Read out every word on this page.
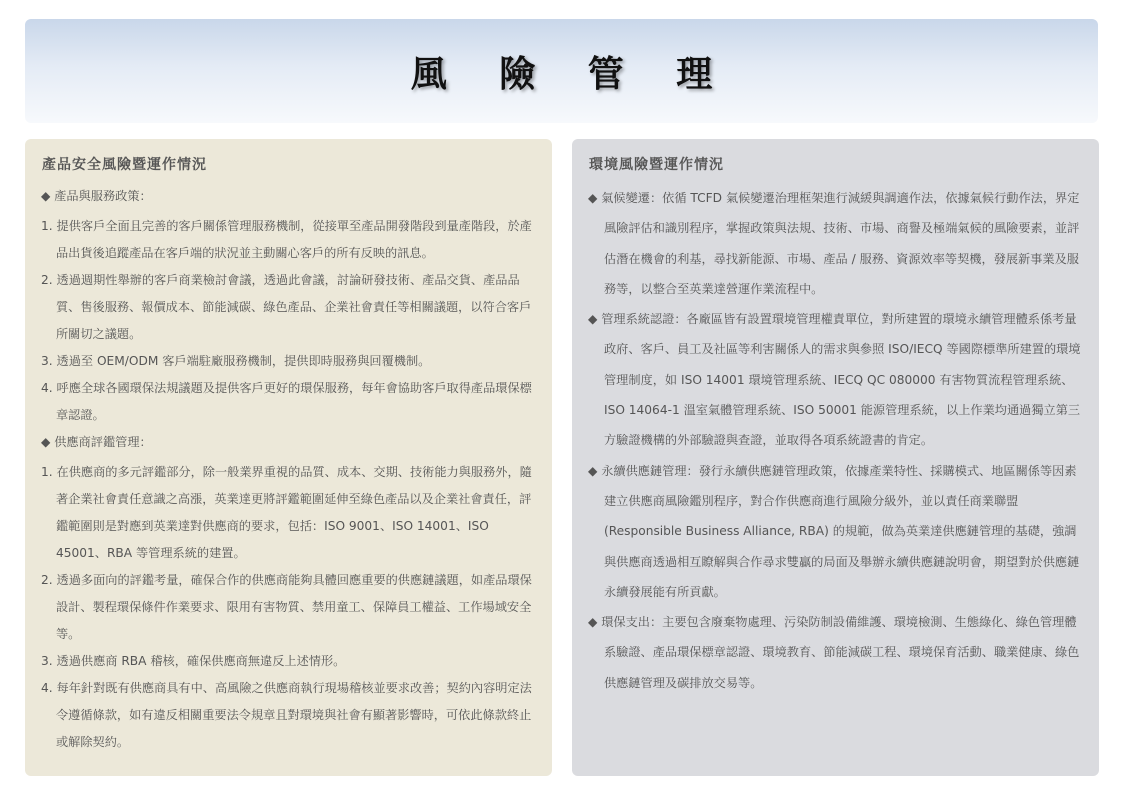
風 險 管 理
產品安全風險暨運作情況
◆ 產品與服務政策：
1. 提供客戶全面且完善的客戶關係管理服務機制，從接單至產品開發階段到量產階段，於產品出貨後追蹤產品在客戶端的狀況並主動關心客戶的所有反映的訊息。
2. 透過週期性舉辦的客戶商業檢討會議，透過此會議，討論研發技術、產品交貨、產品品質、售後服務、報價成本、節能減碳、綠色產品、企業社會責任等相關議題，以符合客戶所關切之議題。
3. 透過至 OEM/ODM 客戶端駐廠服務機制，提供即時服務與回覆機制。
4. 呼應全球各國環保法規議題及提供客戶更好的環保服務，每年會協助客戶取得產品環保標章認證。
◆ 供應商評鑑管理：
1. 在供應商的多元評鑑部分，除一般業界重視的品質、成本、交期、技術能力與服務外，隨著企業社會責任意識之高漲，英業達更將評鑑範圍延伸至綠色產品以及企業社會責任，評鑑範圍則是對應到英業達對供應商的要求，包括：ISO 9001、ISO 14001、ISO 45001、RBA 等管理系統的建置。
2. 透過多面向的評鑑考量，確保合作的供應商能夠具體回應重要的供應鏈議題，如產品環保設計、製程環保條件作業要求、限用有害物質、禁用童工、保障員工權益、工作場域安全等。
3. 透過供應商 RBA 稽核，確保供應商無違反上述情形。
4. 每年針對既有供應商具有中、高風險之供應商執行現場稽核並要求改善；契約內容明定法令遵循條款，如有違反相關重要法令規章且對環境與社會有顯著影響時，可依此條款終止或解除契約。
環境風險暨運作情況
◆ 氣候變遷：依循 TCFD 氣候變遷治理框架進行減緩與調適作法，依據氣候行動作法，界定風險評估和識別程序，掌握政策與法規、技術、市場、商譽及極端氣候的風險要素，並評估潛在機會的利基，尋找新能源、市場、產品 / 服務、資源效率等契機，發展新事業及服務等，以整合至英業達營運作業流程中。
◆ 管理系統認證：各廠區皆有設置環境管理權責單位，對所建置的環境永續管理體系係考量政府、客戶、員工及社區等利害關係人的需求與參照 ISO/IECQ 等國際標準所建置的環境管理制度，如 ISO 14001 環境管理系統、IECQ QC 080000 有害物質流程管理系統、ISO 14064-1 溫室氣體管理系統、ISO 50001 能源管理系統，以上作業均通過獨立第三方驗證機構的外部驗證與查證，並取得各項系統證書的肯定。
◆ 永續供應鏈管理：發行永續供應鏈管理政策，依據產業特性、採購模式、地區關係等因素建立供應商風險鑑別程序，對合作供應商進行風險分級外，並以責任商業聯盟(Responsible Business Alliance, RBA) 的規範，做為英業達供應鏈管理的基礎，強調與供應商透過相互瞭解與合作尋求雙贏的局面及舉辦永續供應鏈說明會，期望對於供應鏈永續發展能有所貢獻。
◆ 環保支出：主要包含廢棄物處理、污染防制設備維護、環境檢測、生態綠化、綠色管理體系驗證、產品環保標章認證、環境教育、節能減碳工程、環境保育活動、職業健康、綠色供應鏈管理及碳排放交易等。
